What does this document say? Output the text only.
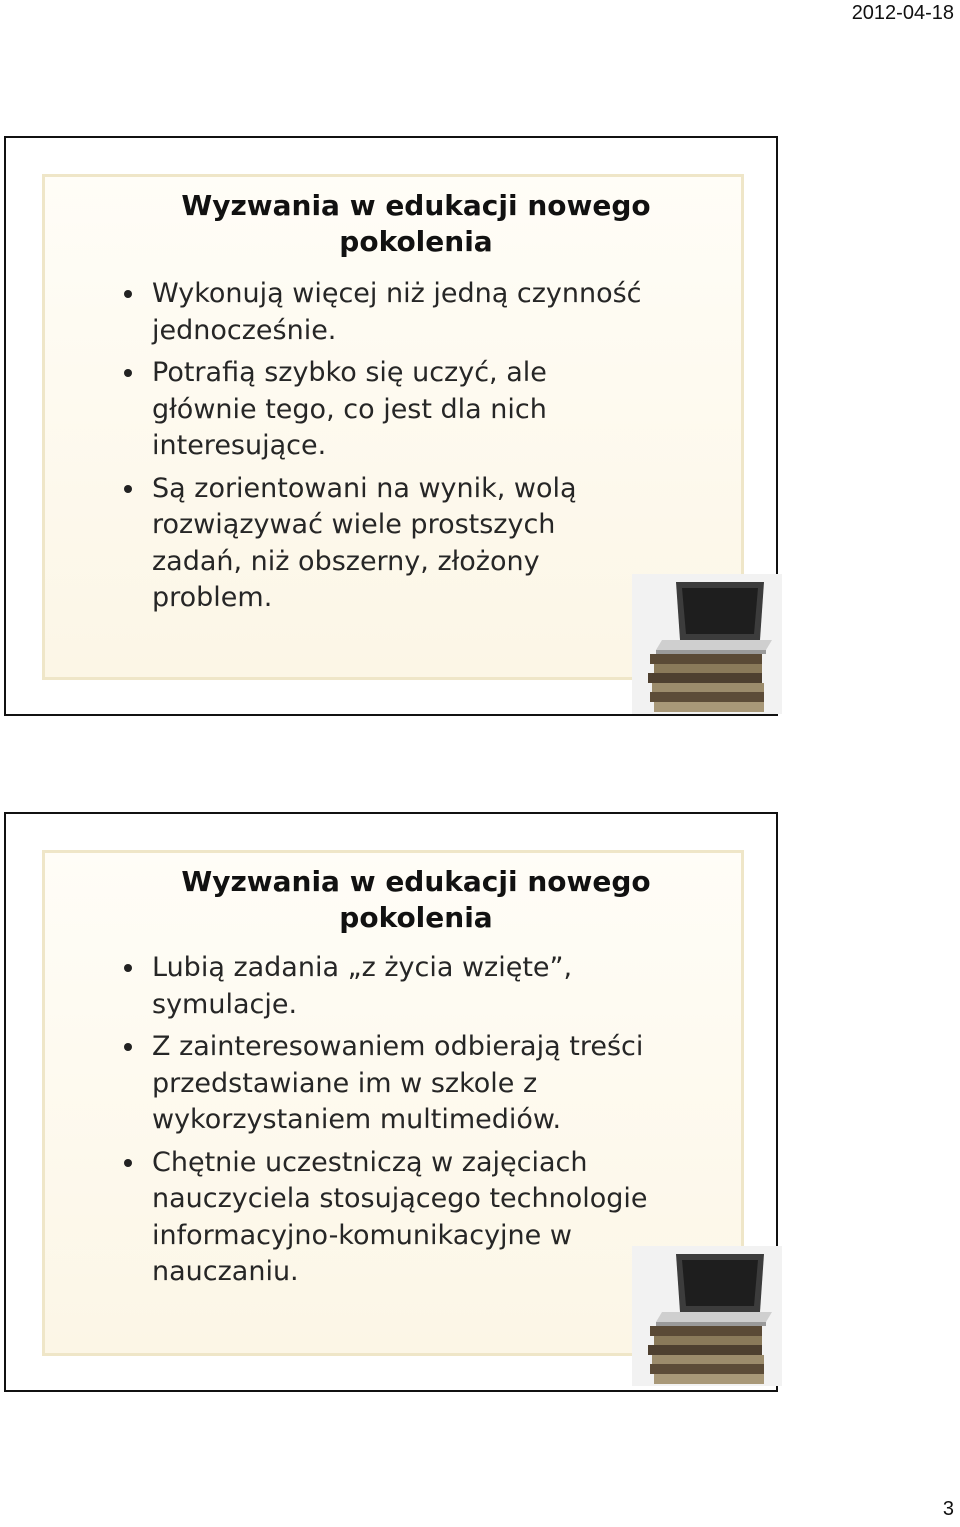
2012-04-18
Wyzwania w edukacji nowego pokolenia
Wykonują więcej niż jedną czynność jednocześnie.
Potrafią szybko się uczyć, ale głównie tego, co jest dla nich interesujące.
Są zorientowani na wynik, wolą rozwiązywać wiele prostszych zadań, niż obszerny, złożony problem.
Wyzwania w edukacji nowego pokolenia
Lubią zadania „z życia wzięte”, symulacje.
Z zainteresowaniem odbierają treści przedstawiane im w szkole z wykorzystaniem multimediów.
Chętnie uczestniczą w zajęciach nauczyciela stosującego technologie informacyjno-komunikacyjne w nauczaniu.
3
